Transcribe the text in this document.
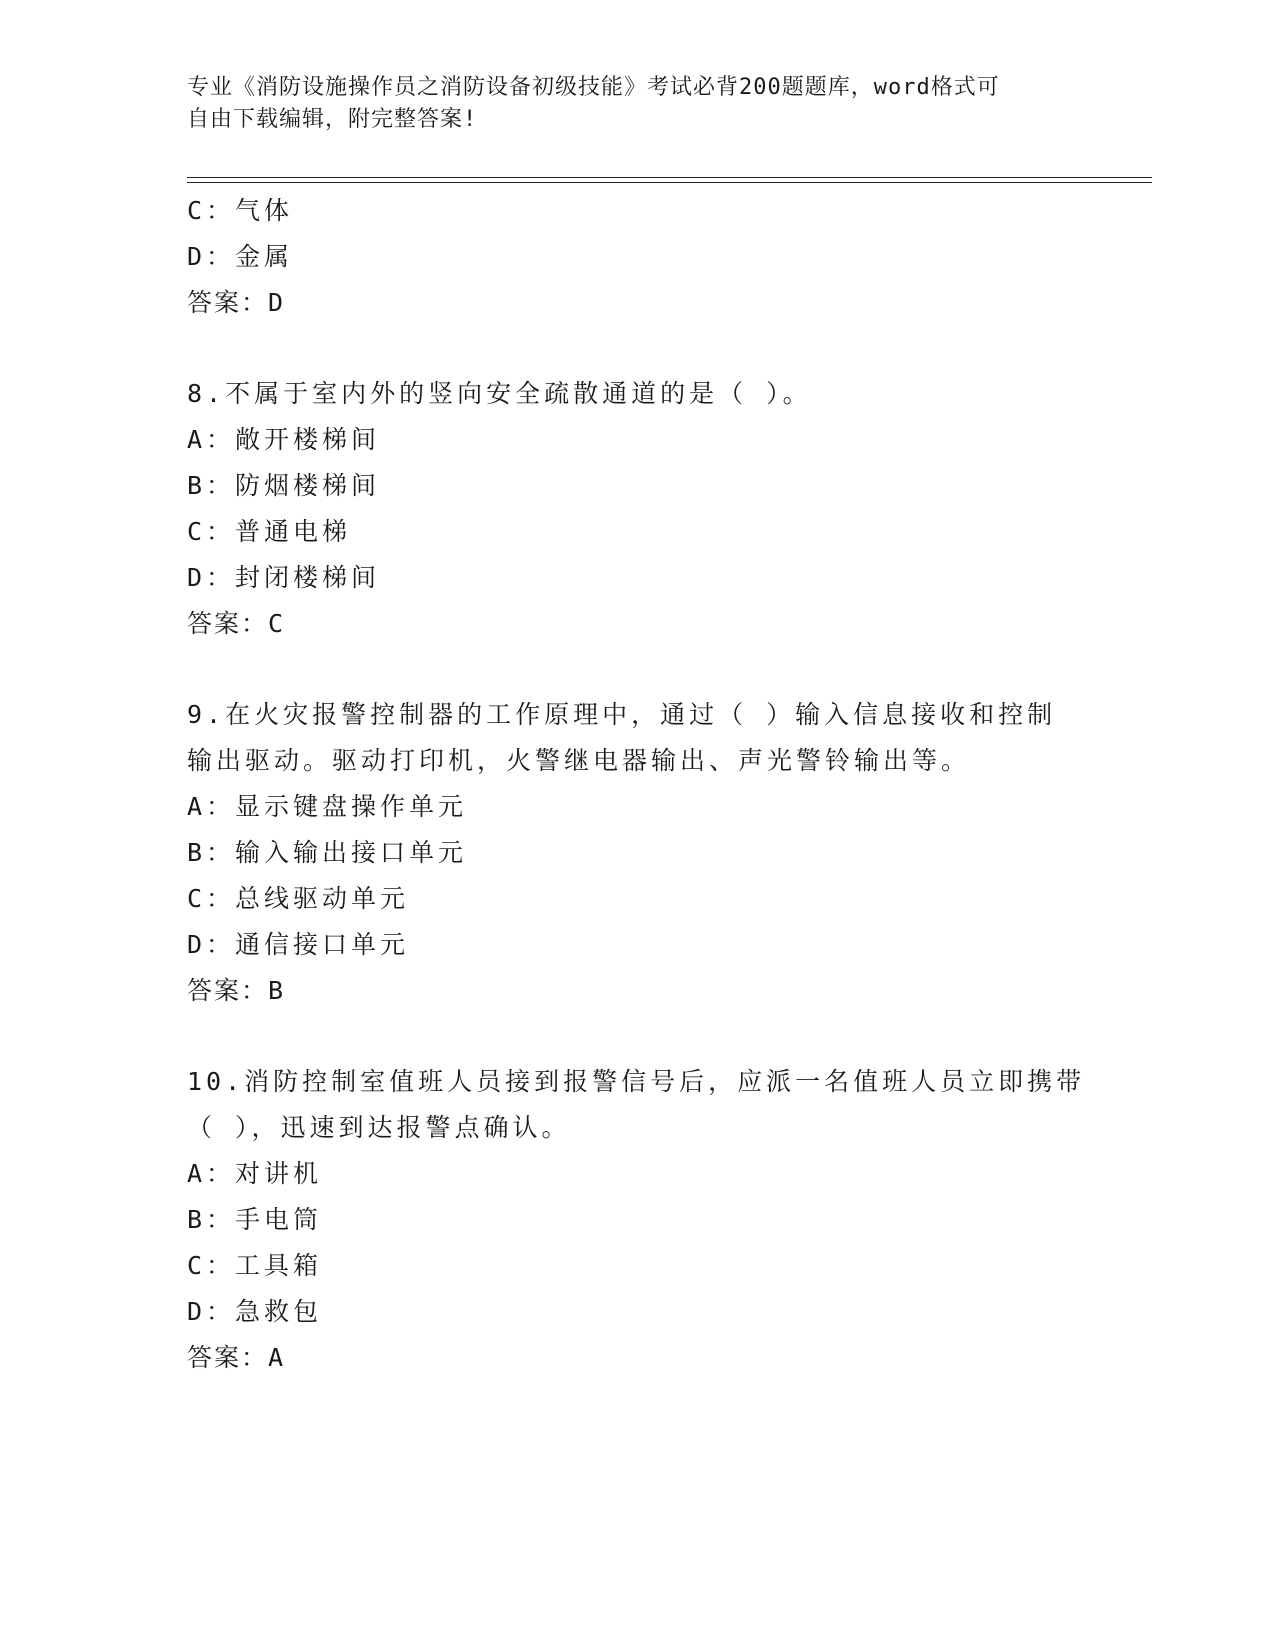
专业《消防设施操作员之消防设备初级技能》考试必背200题题库，word格式可
自由下载编辑，附完整答案!
C：气体
D：金属
答案：D
8.不属于室内外的竖向安全疏散通道的是（ ）。
A：敞开楼梯间
B：防烟楼梯间
C：普通电梯
D：封闭楼梯间
答案：C
9.在火灾报警控制器的工作原理中，通过（ ）输入信息接收和控制
输出驱动。驱动打印机，火警继电器输出、声光警铃输出等。
A：显示键盘操作单元
B：输入输出接口单元
C：总线驱动单元
D：通信接口单元
答案：B
10.消防控制室值班人员接到报警信号后，应派一名值班人员立即携带
（ ），迅速到达报警点确认。
A：对讲机
B：手电筒
C：工具箱
D：急救包
答案：A
